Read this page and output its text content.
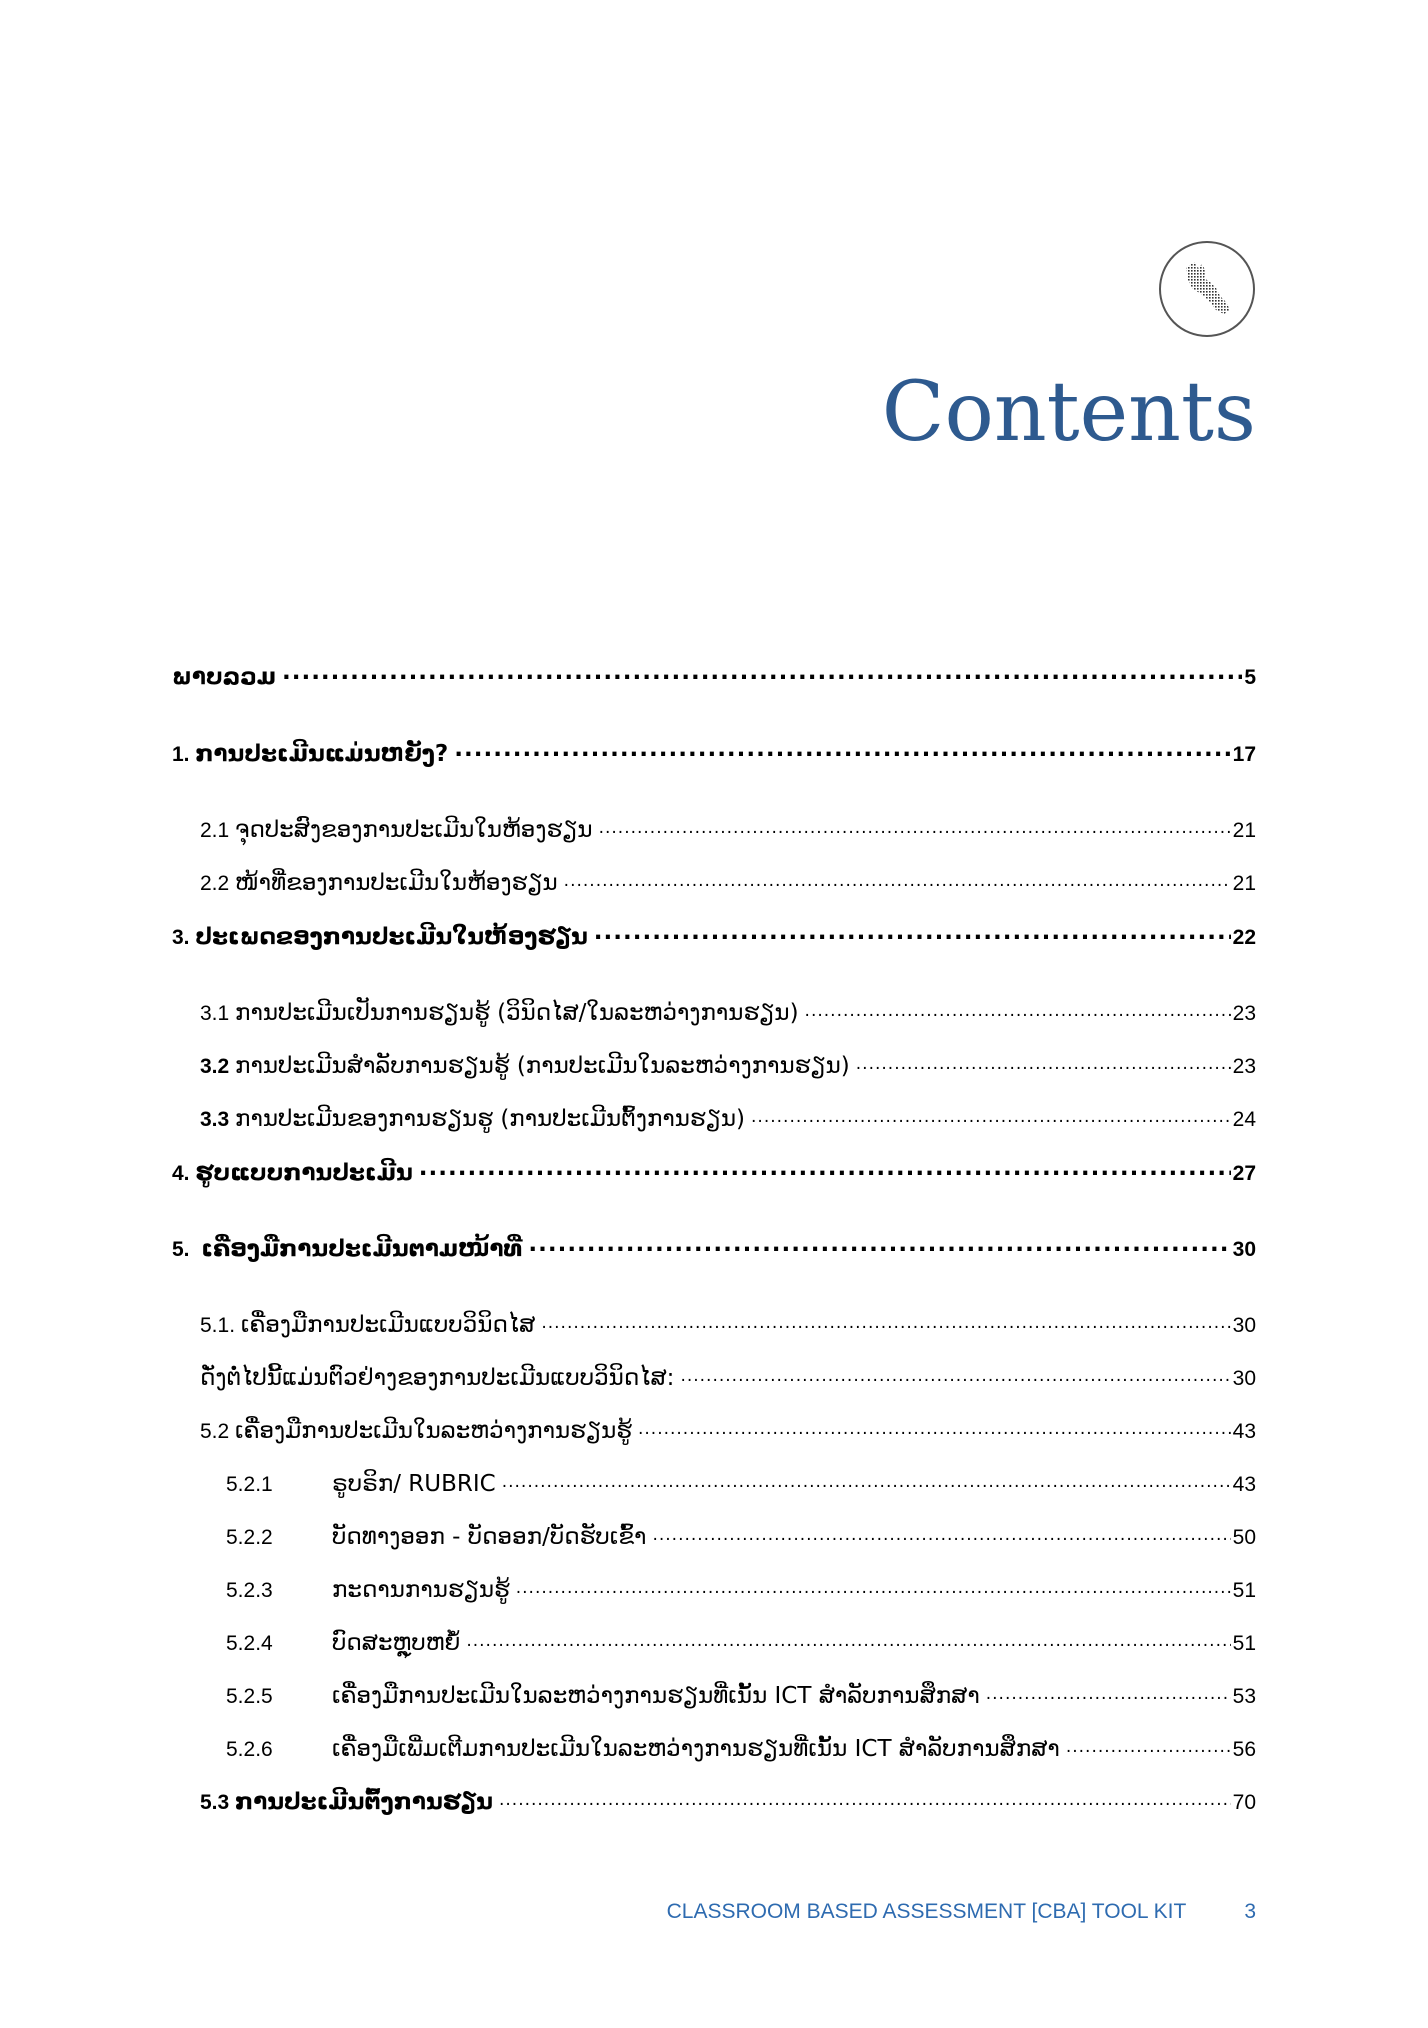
Contents
ພາບລວມ .....	5
1. ການປະເມີນແມ່ນຫຍັງ? .....	17
2.1 ຈຸດປະສົງຂອງການປະເມີນໃນຫ້ອງຮຽນ .....	21
2.2 ໜ້າທີ່ຂອງການປະເມີນໃນຫ້ອງຮຽນ .....	21
3. ປະເພດຂອງການປະເມີນໃນຫ້ອງຮຽນ .....	22
3.1 ການປະເມີນເປັນການຮຽນຮູ້ (ວິນິດໄສ/ໃນລະຫວ່າງການຮຽນ) .....	23
3.2 ການປະເມີນສຳລັບການຮຽນຮູ້ (ການປະເມີນໃນລະຫວ່າງການຮຽນ) .....	23
3.3 ການປະເມີນຂອງການຮຽນຮູ (ການປະເມີນຕົ້ງການຮຽນ) .....	24
4. ຮູບແບບການປະເມີນ .....	27
5. ເຄື່ອງມືການປະເມີນຕາມໜ້າທີ່ .....	30
5.1. ເຄື່ອງມືການປະເມີນແບບວິນິດໄສ .....	30
ດັ່ງຕໍ່ໄປນີ້ແມ່ນຕົວຢ່າງຂອງການປະເມີນແບບວິນິດໄສ: .....	30
5.2 ເຄື່ອງມືການປະເມີນໃນລະຫວ່າງການຮຽນຮູ້ .....	43
5.2.1	ຣູບຣິກ/ RUBRIC .....	43
5.2.2	ບັດທາງອອກ - ບັດອອກ/ບັດຮັບເຂົ້າ .....	50
5.2.3	ກະດານການຮຽນຮູ້ .....	51
5.2.4	ບົດສະຫຼຸບຫຍໍ້ .....	51
5.2.5	ເຄື່ອງມືການປະເມີນໃນລະຫວ່າງການຮຽນທີ່ເນັ້ນ ICT ສຳລັບການສຶກສາ .....	53
5.2.6	ເຄື່ອງມືເພີ່ມເຕີມການປະເມີນໃນລະຫວ່າງການຮຽນທີ່ເນັ້ນ ICT ສຳລັບການສຶກສາ .....	56
5.3 ການປະເມີນຕົ້ງການຮຽນ .....	70

CLASSROOM BASED ASSESSMENT [CBA] TOOL KIT	3
